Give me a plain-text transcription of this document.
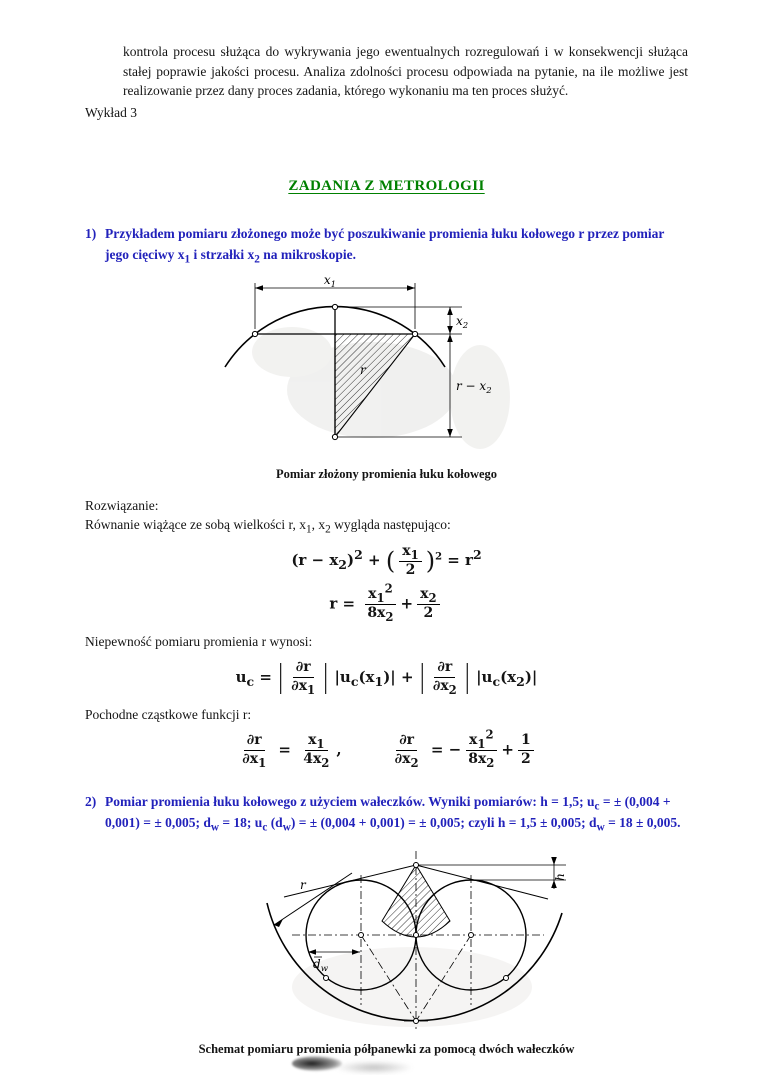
kontrola procesu służąca do wykrywania jego ewentualnych rozregulowań i w konsekwencji służąca stałej poprawie jakości procesu. Analiza zdolności procesu odpowiada na pytanie, na ile możliwe jest realizowanie przez dany proces zadania, którego wykonaniu ma ten proces służyć.

Wykład 3

ZADANIA Z METROLOGII
1) Przykładem pomiaru złożonego może być poszukiwanie promienia łuku kołowego r przez pomiar jego cięciwy $x_1$ i strzałki $x_2$ na mikroskopie.
$x_1$
$x_2$
$r - x_2$
r

Pomiar złożony promienia łuku kołowego

Rozwiązanie:

Równanie wiążące ze sobą wielkości r, $x_1$, $x_2$ wygląda następująco:

$(r - x_2)^2$ + ( $\frac{x_1}{2} )^2 = r^2$
$r = \frac{x_1^2}{8x_2} + \frac{x_2}{2}$

Niepewność pomiaru promienia r wynosi:

$u_c$ = | $\frac{\partial r}{\partial x_1}$ | $|u_c(x_1)|$ + | $\frac{\partial r}{\partial x_2}$ | $|u_c(x_2)|$

Pochodne cząstkowe funkcji r:

$\frac{\partial r}{\partial x_1} = \frac{x_1}{4x_2}$ ,	$\frac{\partial r}{\partial x_2}$ = − $\frac{x_1^2}{8x_2} + \frac{1}{2}$
2) Pomiar promienia łuku kołowego z użyciem wałeczków. Wyniki pomiarów: h = 1,5; $u_c$ = ± (0,004 + 0,001) = ± 0,005; $d_w = 18$; $u_c$ $(d_w)$ = ± (0,004 + 0,001) = ± 0,005; czyli h = 1,5 ± 0,005; $d_w = 18 \pm 0,005$.
r
$d_w$
h

Schemat pomiaru promienia półpanewki za pomocą dwóch wałeczków
